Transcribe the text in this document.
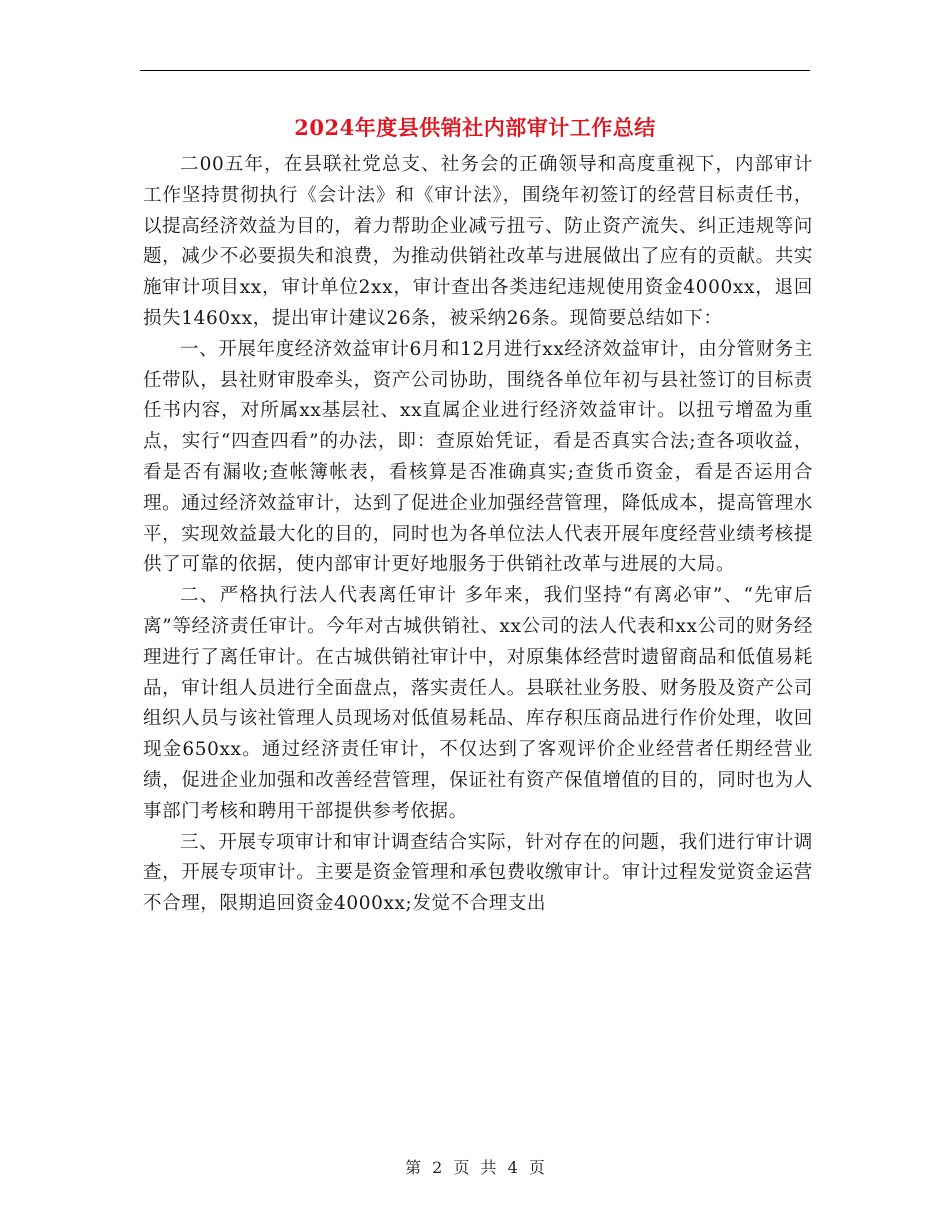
2024年度县供销社内部审计工作总结

二00五年，在县联社党总支、社务会的正确领导和高度重视下，内部审计工作坚持贯彻执行《会计法》和《审计法》，围绕年初签订的经营目标责任书，以提高经济效益为目的，着力帮助企业减亏扭亏、防止资产流失、纠正违规等问题，减少不必要损失和浪费，为推动供销社改革与进展做出了应有的贡献。共实施审计项目xx，审计单位2xx，审计查出各类违纪违规使用资金4000xx，退回损失1460xx，提出审计建议26条，被采纳26条。现简要总结如下：

一、开展年度经济效益审计6月和12月进行xx经济效益审计，由分管财务主任带队，县社财审股牵头，资产公司协助，围绕各单位年初与县社签订的目标责任书内容，对所属xx基层社、xx直属企业进行经济效益审计。以扭亏增盈为重点，实行“四查四看”的办法，即：查原始凭证，看是否真实合法;查各项收益，看是否有漏收;查帐簿帐表，看核算是否准确真实;查货币资金，看是否运用合理。通过经济效益审计，达到了促进企业加强经营管理，降低成本，提高管理水平，实现效益最大化的目的，同时也为各单位法人代表开展年度经营业绩考核提供了可靠的依据，使内部审计更好地服务于供销社改革与进展的大局。

二、严格执行法人代表离任审计 多年来，我们坚持“有离必审”、“先审后离”等经济责任审计。今年对古城供销社、xx公司的法人代表和xx公司的财务经理进行了离任审计。在古城供销社审计中，对原集体经营时遗留商品和低值易耗品，审计组人员进行全面盘点，落实责任人。县联社业务股、财务股及资产公司组织人员与该社管理人员现场对低值易耗品、库存积压商品进行作价处理，收回现金650xx。通过经济责任审计，不仅达到了客观评价企业经营者任期经营业绩，促进企业加强和改善经营管理，保证社有资产保值增值的目的，同时也为人事部门考核和聘用干部提供参考依据。

三、开展专项审计和审计调查结合实际，针对存在的问题，我们进行审计调查，开展专项审计。主要是资金管理和承包费收缴审计。审计过程发觉资金运营不合理，限期追回资金4000xx;发觉不合理支出

第 2 页 共 4 页
